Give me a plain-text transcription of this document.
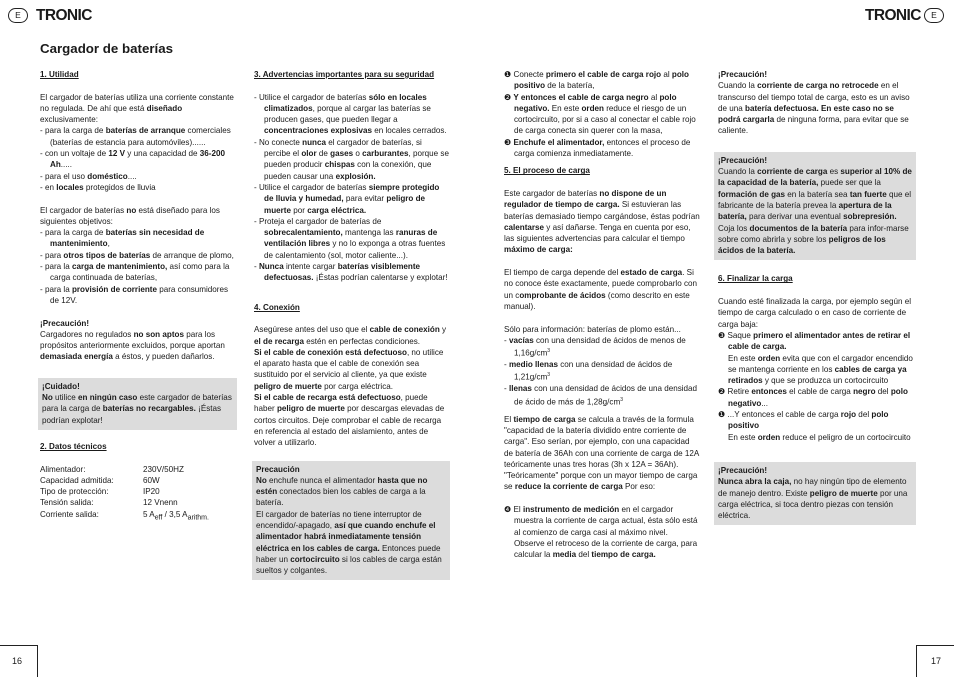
E TRONIC	TRONIC	E
Cargador de baterías
1. Utilidad
El cargador de baterías utiliza una corriente constante no regulada. De ahí que está diseñado exclusivamente:
- para la carga de baterías de arranque comerciales (baterías de estancia para automóviles)......
- con un voltaje de 12 V y una capacidad de 36-200 Ah.....
- para el uso doméstico....
- en locales protegidos de lluvia
El cargador de baterías no está diseñado para los siguientes objetivos:
- para la carga de baterías sin necesidad de mantenimiento,
- para otros tipos de baterías de arranque de plomo,
- para la carga de mantenimiento, así como para la carga continuada de baterías,
- para la provisión de corriente para consumidores de 12V.
¡Precaución!
Cargadores no regulados no son aptos para los propósitos anteriormente excluidos, porque aportan demasiada energía a éstos, y pueden dañarlos.
¡Cuidado!
No utilice en ningún caso este cargador de baterías para la carga de baterías no recargables. ¡Éstas podrían explotar!
2. Datos técnicos
Alimentador:	230V/50HZ
Capacidad admitida:	60W
Tipo de protección:	IP20
Tensión salida:	12 Vnenn
Corriente salida:	5 $A_{eff} / 3,5$ $A_{arithm.}$
3. Advertencias importantes para su seguridad
- Utilice el cargador de baterías sólo en locales climatizados, porque al cargar las baterías se producen gases, que pueden llegar a concentraciones explosivas en locales cerrados.
- No conecte nunca el cargador de baterías, si percibe el olor de gases o carburantes, porque se pueden producir chispas con la conexión, que pueden causar una explosión.
- Utilice el cargador de baterías siempre protegido de lluvia y humedad, para evitar peligro de muerte por carga eléctrica.
- Proteja el cargador de baterías de sobrecalentamiento, mantenga las ranuras de ventilación libres y no lo exponga a otras fuentes de calentamiento (sol, motor caliente...).
- Nunca intente cargar baterías visiblemente defectuosas. ¡Éstas podrían calentarse y explotar!
4. Conexión
Asegúrese antes del uso que el cable de conexión y el de recarga estén en perfectas condiciones.
Si el cable de conexión está defectuoso, no utilice el aparato hasta que el cable de conexión sea sustituido por el servicio al cliente, ya que existe peligro de muerte por carga eléctrica.
Si el cable de recarga está defectuoso, puede haber peligro de muerte por descargas elevadas de cortos circuitos. Deje comprobar el cable de recarga en referencia al estado del aislamiento, antes de volver a utilizarlo.
Precaución
No enchufe nunca el alimentador hasta que no estén conectados bien los cables de carga a la batería.
El cargador de baterías no tiene interruptor de encendido/-apagado, así que cuando enchufe el alimentador habrá inmediatamente tensión eléctrica en los cables de carga. Entonces puede haber un cortocircuito si los cables de carga están sueltos y colgantes.
❶ Conecte primero el cable de carga rojo al polo positivo de la batería,
❷ Y entonces el cable de carga negro al polo negativo. En este orden reduce el riesgo de un cortocircuito, por si a caso al conectar el cable rojo de carga conecta sin querer con la masa,
❸ Enchufe el alimentador, entonces el proceso de carga comienza inmediatamente.
5. El proceso de carga
Este cargador de baterías no dispone de un regulador de tiempo de carga. Si estuvieran las baterías demasiado tiempo cargándose, éstas podrían calentarse y así dañarse. Tenga en cuenta por eso, las siguientes advertencias para calcular el tiempo máximo de carga:
El tiempo de carga depende del estado de carga. Si no conoce éste exactamente, puede comprobarlo con un comprobante de ácidos (como descrito en este manual).
Sólo para información: baterías de plomo están...
- vacías con una densidad de ácidos de menos de $1,16g/cm^3$
- medio llenas con una densidad de ácidos de $1,21g/cm^3$
- llenas con una densidad de ácidos de una densidad de ácido de más de $1,28g/cm^3$
El tiempo de carga se calcula a través de la formula "capacidad de la batería dividido entre corriente de carga". Eso serían, por ejemplo, con una capacidad de batería de 36Ah con una corriente de carga de 12A teóricamente unas tres horas (3h x 12A = 36Ah).
"Teóricamente" porque con un mayor tiempo de carga se reduce la corriente de carga Por eso:
❹ El instrumento de medición en el cargador muestra la corriente de carga actual, ésta sólo está al comienzo de carga casi al máximo nivel. Observe el retroceso de la corriente de carga, para calcular la media del tiempo de carga.
¡Precaución!
Cuando la corriente de carga no retrocede en el transcurso del tiempo total de carga, esto es un aviso de una batería defectuosa. En este caso no se podrá cargarla de ninguna forma, para evitar que se caliente.
¡Precaución!
Cuando la corriente de carga es superior al 10% de la capacidad de la batería, puede ser que la formación de gas en la batería sea tan fuerte que el fabricante de la batería prevea la apertura de la batería, para derivar una eventual sobrepresión.
Coja los documentos de la batería para infor-marse sobre como abrirla y sobre los peligros de los ácidos de la batería.
6. Finalizar la carga
Cuando esté finalizada la carga, por ejemplo según el tiempo de carga calculado o en caso de corriente de carga baja:
❸ Saque primero el alimentador antes de retirar el cable de carga.
En este orden evita que con el cargador encendido se mantenga corriente en los cables de carga ya retirados y que se produzca un cortocircuito
❷ Retire entonces el cable de carga negro del polo negativo...
❶ ...Y entonces el cable de carga rojo del polo positivo
En este orden reduce el peligro de un cortocircuito
¡Precaución!
Nunca abra la caja, no hay ningún tipo de elemento de manejo dentro. Existe peligro de muerte por una carga eléctrica, si toca dentro piezas con tensión eléctrica.
16	17
